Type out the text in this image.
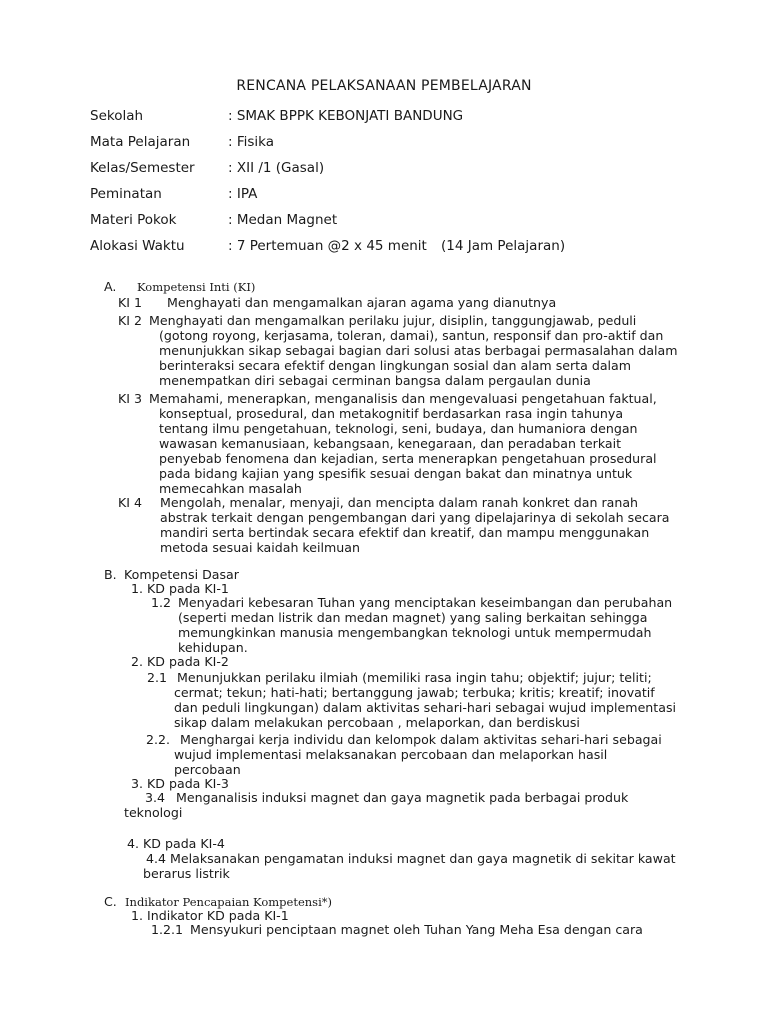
RENCANA PELAKSANAAN PEMBELAJARAN
Sekolah	: SMAK BPPK KEBONJATI BANDUNG
Mata Pelajaran	: Fisika
Kelas/Semester : XII /1 (Gasal)
Peminatan	: IPA
Materi Pokok	: Medan Magnet
Alokasi Waktu	: 7 Pertemuan @2 x 45 menit (14 Jam Pelajaran)
A. Kompetensi Inti (KI)
KI 1 Menghayati dan mengamalkan ajaran agama yang dianutnya
KI 2 Menghayati dan mengamalkan perilaku jujur, disiplin, tanggungjawab, peduli
(gotong royong, kerjasama, toleran, damai), santun, responsif dan pro-aktif dan
menunjukkan sikap sebagai bagian dari solusi atas berbagai permasalahan dalam
berinteraksi secara efektif dengan lingkungan sosial dan alam serta dalam
menempatkan diri sebagai cerminan bangsa dalam pergaulan dunia
KI 3 Memahami, menerapkan, menganalisis dan mengevaluasi pengetahuan faktual,
konseptual, prosedural, dan metakognitif berdasarkan rasa ingin tahunya
tentang ilmu pengetahuan, teknologi, seni, budaya, dan humaniora dengan
wawasan kemanusiaan, kebangsaan, kenegaraan, dan peradaban terkait
penyebab fenomena dan kejadian, serta menerapkan pengetahuan prosedural
pada bidang kajian yang spesifik sesuai dengan bakat dan minatnya untuk
memecahkan masalah
KI 4 Mengolah, menalar, menyaji, dan mencipta dalam ranah konkret dan ranah
abstrak terkait dengan pengembangan dari yang dipelajarinya di sekolah secara
mandiri serta bertindak secara efektif dan kreatif, dan mampu menggunakan
metoda sesuai kaidah keilmuan
B. Kompetensi Dasar
1. KD pada KI-1
1.2 Menyadari kebesaran Tuhan yang menciptakan keseimbangan dan perubahan
(seperti medan listrik dan medan magnet) yang saling berkaitan sehingga
memungkinkan manusia mengembangkan teknologi untuk mempermudah
kehidupan.
2. KD pada KI-2
2.1 Menunjukkan perilaku ilmiah (memiliki rasa ingin tahu; objektif; jujur; teliti;
cermat; tekun; hati-hati; bertanggung jawab; terbuka; kritis; kreatif; inovatif
dan peduli lingkungan) dalam aktivitas sehari-hari sebagai wujud implementasi
sikap dalam melakukan percobaan , melaporkan, dan berdiskusi
2.2. Menghargai kerja individu dan kelompok dalam aktivitas sehari-hari sebagai
wujud implementasi melaksanakan percobaan dan melaporkan hasil
percobaan
3. KD pada KI-3
3.4 Menganalisis induksi magnet dan gaya magnetik pada berbagai produk
teknologi
4. KD pada KI-4
4.4 Melaksanakan pengamatan induksi magnet dan gaya magnetik di sekitar kawat
berarus listrik
C. Indikator Pencapaian Kompetensi*)
1. Indikator KD pada KI-1
1.2.1 Mensyukuri penciptaan magnet oleh Tuhan Yang Meha Esa dengan cara
